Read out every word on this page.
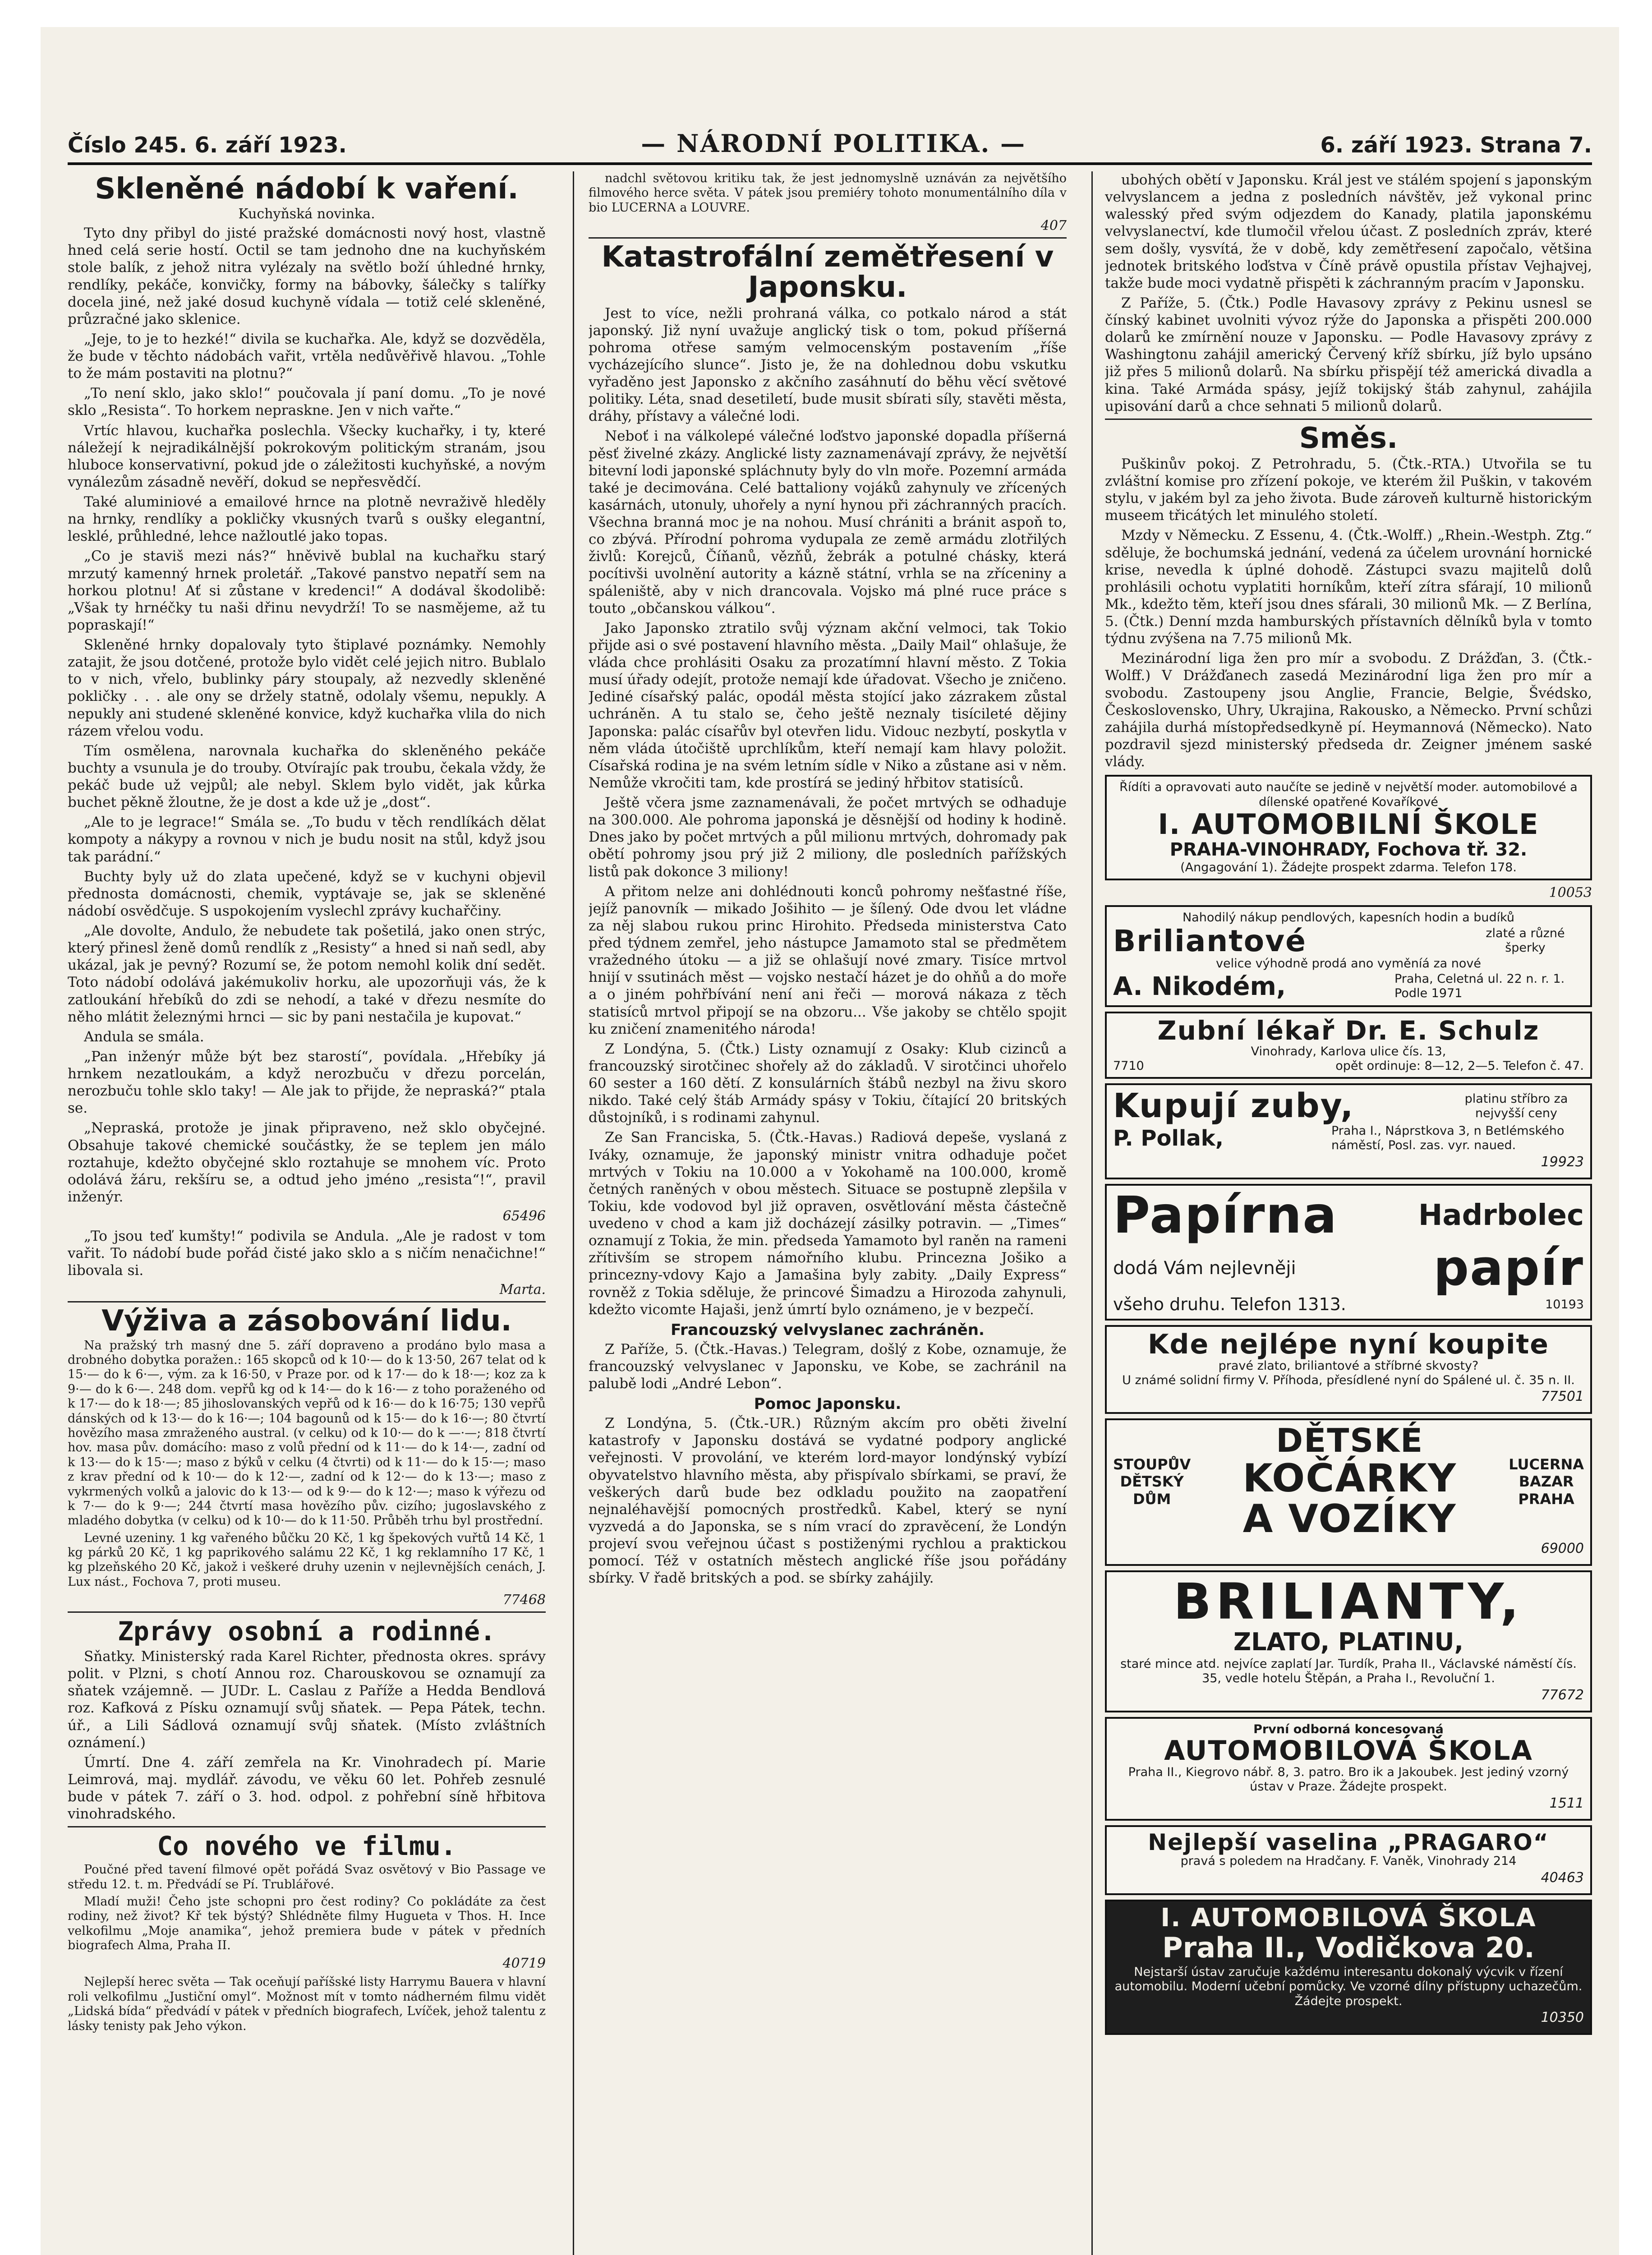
Číslo 245. 6. září 1923.	— NÁRODNÍ POLITIKA. —	6. září 1923. Strana 7.
Skleněné nádobí k vaření.
Kuchyňská novinka.

Tyto dny přibyl do jisté pražské domácnosti nový host, vlastně hned celá serie hostí. Octil se tam jednoho dne na kuchyňském stole balík, z jehož nitra vylézaly na světlo boží úhledné hrnky, rendlíky, pekáče, konvičky, formy na bábovky, šálečky s talířky docela jiné, než jaké dosud kuchyně vídala — totiž celé skleněné, průzračné jako sklenice.

„Jeje, to je to hezké!“ divila se kuchařka. Ale, když se dozvěděla, že bude v těchto nádobách vařit, vrtěla nedůvěřivě hlavou. „Tohle to že mám postaviti na plotnu?“

„To není sklo, jako sklo!“ poučovala jí paní domu. „To je nové sklo „Resista“. To horkem nepraskne. Jen v nich vařte.“

Vrtíc hlavou, kuchařka poslechla. Všecky kuchařky, i ty, které náležejí k nejradikálnější pokrokovým politickým stranám, jsou hluboce konservativní, pokud jde o záležitosti kuchyňské, a novým vynálezům zásadně nevěří, dokud se nepřesvědčí.

Také aluminiové a emailové hrnce na plotně nevraživě hleděly na hrnky, rendlíky a pokličky vkusných tvarů s oušky elegantní, lesklé, průhledné, lehce nažloutlé jako topas.

„Co je staviš mezi nás?“ hněvivě bublal na kuchařku starý mrzutý kamenný hrnek proletář. „Takové panstvo nepatří sem na horkou plotnu! Ať si zůstane v kredenci!“ A dodával škodolibě: „Však ty hrnéčky tu naši dřinu nevydrží! To se nasmějeme, až tu popraskají!“

Skleněné hrnky dopalovaly tyto štiplavé poznámky. Nemohly zatajit, že jsou dotčené, protože bylo vidět celé jejich nitro. Bublalo to v nich, vřelo, bublinky páry stoupaly, až nezvedly skleněné pokličky . . . ale ony se držely statně, odolaly všemu, nepukly. A nepukly ani studené skleněné konvice, když kuchařka vlila do nich rázem vřelou vodu.

Tím osmělena, narovnala kuchařka do skleněného pekáče buchty a vsunula je do trouby. Otvírajíc pak troubu, čekala vždy, že pekáč bude už vejpůl; ale nebyl. Sklem bylo vidět, jak kůrka buchet pěkně žloutne, že je dost a kde už je „dost“.

„Ale to je legrace!“ Smála se. „To budu v těch rendlíkách dělat kompoty a nákypy a rovnou v nich je budu nosit na stůl, když jsou tak parádní.“

Buchty byly už do zlata upečené, když se v kuchyni objevil přednosta domácnosti, chemik, vyptávaje se, jak se skleněné nádobí osvědčuje. S uspokojením vyslechl zprávy kuchařčiny.

„Ale dovolte, Andulo, že nebudete tak pošetilá, jako onen strýc, který přinesl ženě domů rendlík z „Resisty“ a hned si naň sedl, aby ukázal, jak je pevný? Rozumí se, že potom nemohl kolik dní sedět. Toto nádobí odolává jakémukoliv horku, ale upozorňuji vás, že k zatloukání hřebíků do zdi se nehodí, a také v dřezu nesmíte do něho mlátit železnými hrnci — sic by pani nestačila je kupovat.“

Andula se smála.

„Pan inženýr může být bez starostí“, povídala. „Hřebíky já hrnkem nezatloukám, a když nerozbuču v dřezu porcelán, nerozbuču tohle sklo taky! — Ale jak to přijde, že nepraská?“ ptala se.

„Nepraská, protože je jinak připraveno, než sklo obyčejné. Obsahuje takové chemické součástky, že se teplem jen málo roztahuje, kdežto obyčejné sklo roztahuje se mnohem víc. Proto odolává žáru, rekšíru se, a odtud jeho jméno „resista“!“, pravil inženýr.

65496

„To jsou teď kumšty!“ podivila se Andula. „Ale je radost v tom vařit. To nádobí bude pořád čisté jako sklo a s ničím nenačichne!“ libovala si.

Marta.
Výživa a zásobování lidu.

Na pražský trh masný dne 5. září dopraveno a prodáno bylo masa a drobného dobytka poražen.: 165 skopců od k 10·— do k 13·50, 267 telat od k 15·— do k 6·—, vým. za k 16·50, v Praze por. od k 17·— do k 18·—; koz za k 9·— do k 6·—. 248 dom. vepřů kg od k 14·— do k 16·— z toho poraženého od k 17·— do k 18·—; 85 jihoslovanských vepřů od k 16·— do k 16·75; 130 vepřů dánských od k 13·— do k 16·—; 104 bagounů od k 15·— do k 16·—; 80 čtvrtí hovězího masa zmraženého austral. (v celku) od k 10·— do k —·—; 818 čtvrtí hov. masa pův. domácího: maso z volů přední od k 11·— do k 14·—, zadní od k 13·— do k 15·—; maso z býků v celku (4 čtvrti) od k 11·— do k 15·—; maso z krav přední od k 10·— do k 12·—, zadní od k 12·— do k 13·—; maso z vykrmených volků a jalovic do k 13·— od k 9·— do k 12·—; maso k výřezu od k 7·— do k 9·—; 244 čtvrtí masa hovězího pův. cizího; jugoslavského z mladého dobytka (v celku) od k 10·— do k 11·50. Průběh trhu byl prostřední.

Levné uzeniny. 1 kg vařeného bůčku 20 Kč, 1 kg špekových vuřtů 14 Kč, 1 kg párků 20 Kč, 1 kg paprikového salámu 22 Kč, 1 kg reklamního 17 Kč, 1 kg plzeňského 20 Kč, jakož i veškeré druhy uzenin v nejlevnějších cenách, J. Lux nást., Fochova 7, proti museu.

77468
Zprávy osobní a rodinné.

Sňatky. Ministerský rada Karel Richter, přednosta okres. správy polit. v Plzni, s chotí Annou roz. Charouskovou se oznamují za sňatek vzájemně. — JUDr. L. Caslau z Paříže a Hedda Bendlová roz. Kafková z Písku oznamují svůj sňatek. — Pepa Pátek, techn. úř., a Lili Sádlová oznamují svůj sňatek. (Místo zvláštních oznámení.)

Úmrtí. Dne 4. září zemřela na Kr. Vinohradech pí. Marie Leimrová, maj. mydlář. závodu, ve věku 60 let. Pohřeb zesnulé bude v pátek 7. září o 3. hod. odpol. z pohřební síně hřbitova vinohradského.

Co nového ve filmu.

Poučné před tavení filmové opět pořádá Svaz osvětový v Bio Passage ve středu 12. t. m. Předvádí se Pí. Trublářové.

Mladí muži! Čeho jste schopni pro čest rodiny? Co pokládáte za čest rodiny, než život? Kř tek býstý? Shlédněte filmy Hugueta v Thos. H. Ince velkofilmu „Moje anamika“, jehož premiera bude v pátek v předních biografech Alma, Praha II.

40719

Nejlepší herec světa — Tak oceňují paříšské listy Harrymu Bauera v hlavní roli velkofilmu „Justiční omyl“. Možnost mít v tomto nádherném filmu vidět „Lidská bída“ předvádí v pátek v předních biografech, Lvíček, jehož talentu z lásky tenisty pak Jeho výkon.

nadchl světovou kritiku tak, že jest jednomyslně uznáván za největšího filmového herce světa. V pátek jsou premiéry tohoto monumentálního díla v bio LUCERNA a LOUVRE.

407
Katastrofální zemětřesení v Japonsku.

Jest to více, nežli prohraná válka, co potkalo národ a stát japonský. Již nyní uvažuje anglický tisk o tom, pokud příšerná pohroma otřese samým velmocenským postavením „říše vycházejícího slunce“. Jisto je, že na dohlednou dobu vskutku vyřaděno jest Japonsko z akčního zasáhnutí do běhu věcí světové politiky. Léta, snad desetiletí, bude musit sbírati síly, stavěti města, dráhy, přístavy a válečné lodi.

Neboť i na válkolepé válečné loďstvo japonské dopadla příšerná pěsť živelné zkázy. Anglické listy zaznamenávají zprávy, že největší bitevní lodi japonské spláchnuty byly do vln moře. Pozemní armáda také je decimována. Celé battaliony vojáků zahynuly ve zřícených kasárnách, utonuly, uhořely a nyní hynou při záchranných pracích. Všechna branná moc je na nohou. Musí chrániti a bránit aspoň to, co zbývá. Přírodní pohroma vydupala ze země armádu zlotřilých živlů: Korejců, Číňanů, vězňů, žebrák a potulné chásky, která pocítivši uvolnění autority a kázně státní, vrhla se na zříceniny a spáleniště, aby v nich drancovala. Vojsko má plné ruce práce s touto „občanskou válkou“.

Jako Japonsko ztratilo svůj význam akční velmoci, tak Tokio přijde asi o své postavení hlavního města. „Daily Mail“ ohlašuje, že vláda chce prohlásiti Osaku za prozatímní hlavní město. Z Tokia musí úřady odejít, protože nemají kde úřadovat. Všecho je zničeno. Jediné císařský palác, opodál města stojící jako zázrakem zůstal uchráněn. A tu stalo se, čeho ještě neznaly tisícileté dějiny Japonska: palác císařův byl otevřen lidu. Vidouc nezbytí, poskytla v něm vláda útočiště uprchlíkům, kteří nemají kam hlavy položit. Císařská rodina je na svém letním sídle v Niko a zůstane asi v něm. Nemůže vkročiti tam, kde prostírá se jediný hřbitov statisíců.

Ještě včera jsme zaznamenávali, že počet mrtvých se odhaduje na 300.000. Ale pohroma japonská je děsnější od hodiny k hodině. Dnes jako by počet mrtvých a půl milionu mrtvých, dohromady pak obětí pohromy jsou prý již 2 miliony, dle posledních pařížských listů pak dokonce 3 miliony!

A přitom nelze ani dohlédnouti konců pohromy nešťastné říše, jejíž panovník — mikado Jošihito — je šílený. Ode dvou let vládne za něj slabou rukou princ Hirohito. Předseda ministerstva Cato před týdnem zemřel, jeho nástupce Jamamoto stal se předmětem vražedného útoku — a již se ohlašují nové zmary. Tisíce mrtvol hnijí v ssutinách měst — vojsko nestačí házet je do ohňů a do moře a o jiném pohřbívání není ani řeči — morová nákaza z těch statisíců mrtvol připojí se na obzoru... Vše jakoby se chtělo spojit ku zničení znamenitého národa!

Z Londýna, 5. (Čtk.) Listy oznamují z Osaky: Klub cizinců a francouzský sirotčinec shořely až do základů. V sirotčinci uhořelo 60 sester a 160 dětí. Z konsulárních štábů nezbyl na živu skoro nikdo. Také celý štáb Armády spásy v Tokiu, čítající 20 britských důstojníků, i s rodinami zahynul.

Ze San Franciska, 5. (Čtk.-Havas.) Radiová depeše, vyslaná z Iváky, oznamuje, že japonský ministr vnitra odhaduje počet mrtvých v Tokiu na 10.000 a v Yokohamě na 100.000, kromě četných raněných v obou městech. Situace se postupně zlepšila v Tokiu, kde vodovod byl již opraven, osvětlování města částečně uvedeno v chod a kam již docházejí zásilky potravin. — „Times“ oznamují z Tokia, že min. předseda Yamamoto byl raněn na rameni zřítivším se stropem námořního klubu. Princezna Jošiko a princezny-vdovy Kajo a Jamašina byly zabity. „Daily Express“ rovněž z Tokia sděluje, že princové Šimadzu a Hirozoda zahynuli, kdežto vicomte Hajaši, jenž úmrtí bylo oznámeno, je v bezpečí.

Francouzský velvyslanec zachráněn.

Z Paříže, 5. (Čtk.-Havas.) Telegram, došlý z Kobe, oznamuje, že francouzský velvyslanec v Japonsku, ve Kobe, se zachránil na palubě lodi „André Lebon“.

Pomoc Japonsku.

Z Londýna, 5. (Čtk.-UR.) Různým akcím pro oběti živelní katastrofy v Japonsku dostává se vydatné podpory anglické veřejnosti. V provolání, ve kterém lord-mayor londýnský vybízí obyvatelstvo hlavního města, aby přispívalo sbírkami, se praví, že veškerých darů bude bez odkladu použito na zaopatření nejnaléhavější pomocných prostředků. Kabel, který se nyní vyzvedá a do Japonska, se s ním vrací do zpravěcení, že Londýn projeví svou veřejnou účast s postiženými rychlou a praktickou pomocí. Též v ostatních městech anglické říše jsou pořádány sbírky. V řadě britských a pod. se sbírky zahájily.

ubohých obětí v Japonsku. Král jest ve stálém spojení s japonským velvyslancem a jedna z posledních návštěv, jež vykonal princ walesský před svým odjezdem do Kanady, platila japonskému velvyslanectví, kde tlumočil vřelou účast. Z posledních zpráv, které sem došly, vysvítá, že v době, kdy zemětřesení započalo, většina jednotek britského loďstva v Číně právě opustila přístav Vejhajvej, takže bude moci vydatně přispěti k záchranným pracím v Japonsku.

Z Paříže, 5. (Čtk.) Podle Havasovy zprávy z Pekinu usnesl se čínský kabinet uvolniti vývoz rýže do Japonska a přispěti 200.000 dolarů ke zmírnění nouze v Japonsku. — Podle Havasovy zprávy z Washingtonu zahájil americký Červený kříž sbírku, jíž bylo upsáno již přes 5 milionů dolarů. Na sbírku přispějí též americká divadla a kina. Také Armáda spásy, jejíž tokijský štáb zahynul, zahájila upisování darů a chce sehnati 5 milionů dolarů.

Směs.

Puškinův pokoj. Z Petrohradu, 5. (Čtk.-RTA.) Utvořila se tu zvláštní komise pro zřízení pokoje, ve kterém žil Puškin, v takovém stylu, v jakém byl za jeho života. Bude zároveň kulturně historickým museem třicátých let minulého století.

Mzdy v Německu. Z Essenu, 4. (Čtk.-Wolff.) „Rhein.-Westph. Ztg.“ sděluje, že bochumská jednání, vedená za účelem urovnání hornické krise, nevedla k úplné dohodě. Zástupci svazu majitelů dolů prohlásili ochotu vyplatiti horníkům, kteří zítra sfárají, 10 milionů Mk., kdežto těm, kteří jsou dnes sfárali, 30 milionů Mk. — Z Berlína, 5. (Čtk.) Denní mzda hamburských přístavních dělníků byla v tomto týdnu zvýšena na 7.75 milionů Mk.

Mezinárodní liga žen pro mír a svobodu. Z Drážďan, 3. (Čtk.-Wolff.) V Drážďanech zasedá Mezinárodní liga žen pro mír a svobodu. Zastoupeny jsou Anglie, Francie, Belgie, Švédsko, Československo, Uhry, Ukrajina, Rakousko, a Německo. První schůzi zahájila durhá místopředsedkyně pí. Heymannová (Německo). Nato pozdravil sjezd ministerský předseda dr. Zeigner jménem saské vlády.

Řídíti a opravovati auto naučíte se jedině v největší moder. automobilové a dílenské opatřené Kovaříkové
I. AUTOMOBILNÍ ŠKOLE
PRAHA-VINOHRADY, Fochova tř. 32.
(Angagování 1). Žádejte prospekt zdarma. Telefon 178.
10053
Nahodilý nákup pendlových, kapesních hodin a budíků
Briliantové	zlaté a různé šperky
velice výhodně prodá ano vyměníá za nové
A. Nikodém,	Praha, Celetná ul. 22 n. r. 1. Podle 1971
Zubní lékař Dr. E. Schulz
Vinohrady, Karlova ulice čís. 13,
7710	opět ordinuje: 8—12, 2—5. Telefon č. 47.
Kupují zuby,	platinu stříbro za nejvyšší ceny
P. Pollak,	Praha I., Náprstkova 3, n Betlémského náměstí, Posl. zas. vyr. naued.
19923
Papírna	Hadrbolec
dodá Vám nejlevněji	papír
všeho druhu. Telefon 1313.	10193
Kde nejlépe nyní koupite
pravé zlato, briliantové a stříbrné skvosty?
U známé solidní firmy V. Příhoda, přesídlené nyní do Spálené ul. č. 35 n. II.
77501
STOUPŮV
DĚTSKÝ
DŮM
DĚTSKÉ
KOČÁRKY
A VOZÍKY
LUCERNA
BAZAR
PRAHA
69000
BRILIANTY,
ZLATO, PLATINU,
staré mince atd. nejvíce zaplatí Jar. Turdík, Praha II., Václavské náměstí čís. 35, vedle hotelu Štěpán, a Praha I., Revoluční 1.
77672
První odborná koncesovaná
AUTOMOBILOVÁ ŠKOLA
Praha II., Kiegrovo nábř. 8, 3. patro. Bro ik a Jakoubek. Jest jediný vzorný ústav v Praze. Žádejte prospekt.
1511
Nejlepší vaselina „PRAGARO“
pravá s poledem na Hradčany. F. Vaněk, Vinohrady 214
40463
I. AUTOMOBILOVÁ ŠKOLA
Praha II., Vodičkova 20.
Nejstarší ústav zaručuje každému interesantu dokonalý výcvik v řízení automobilu. Moderní učební pomůcky. Ve vzorné dílny přístupny uchazečům. Žádejte prospekt.
10350
